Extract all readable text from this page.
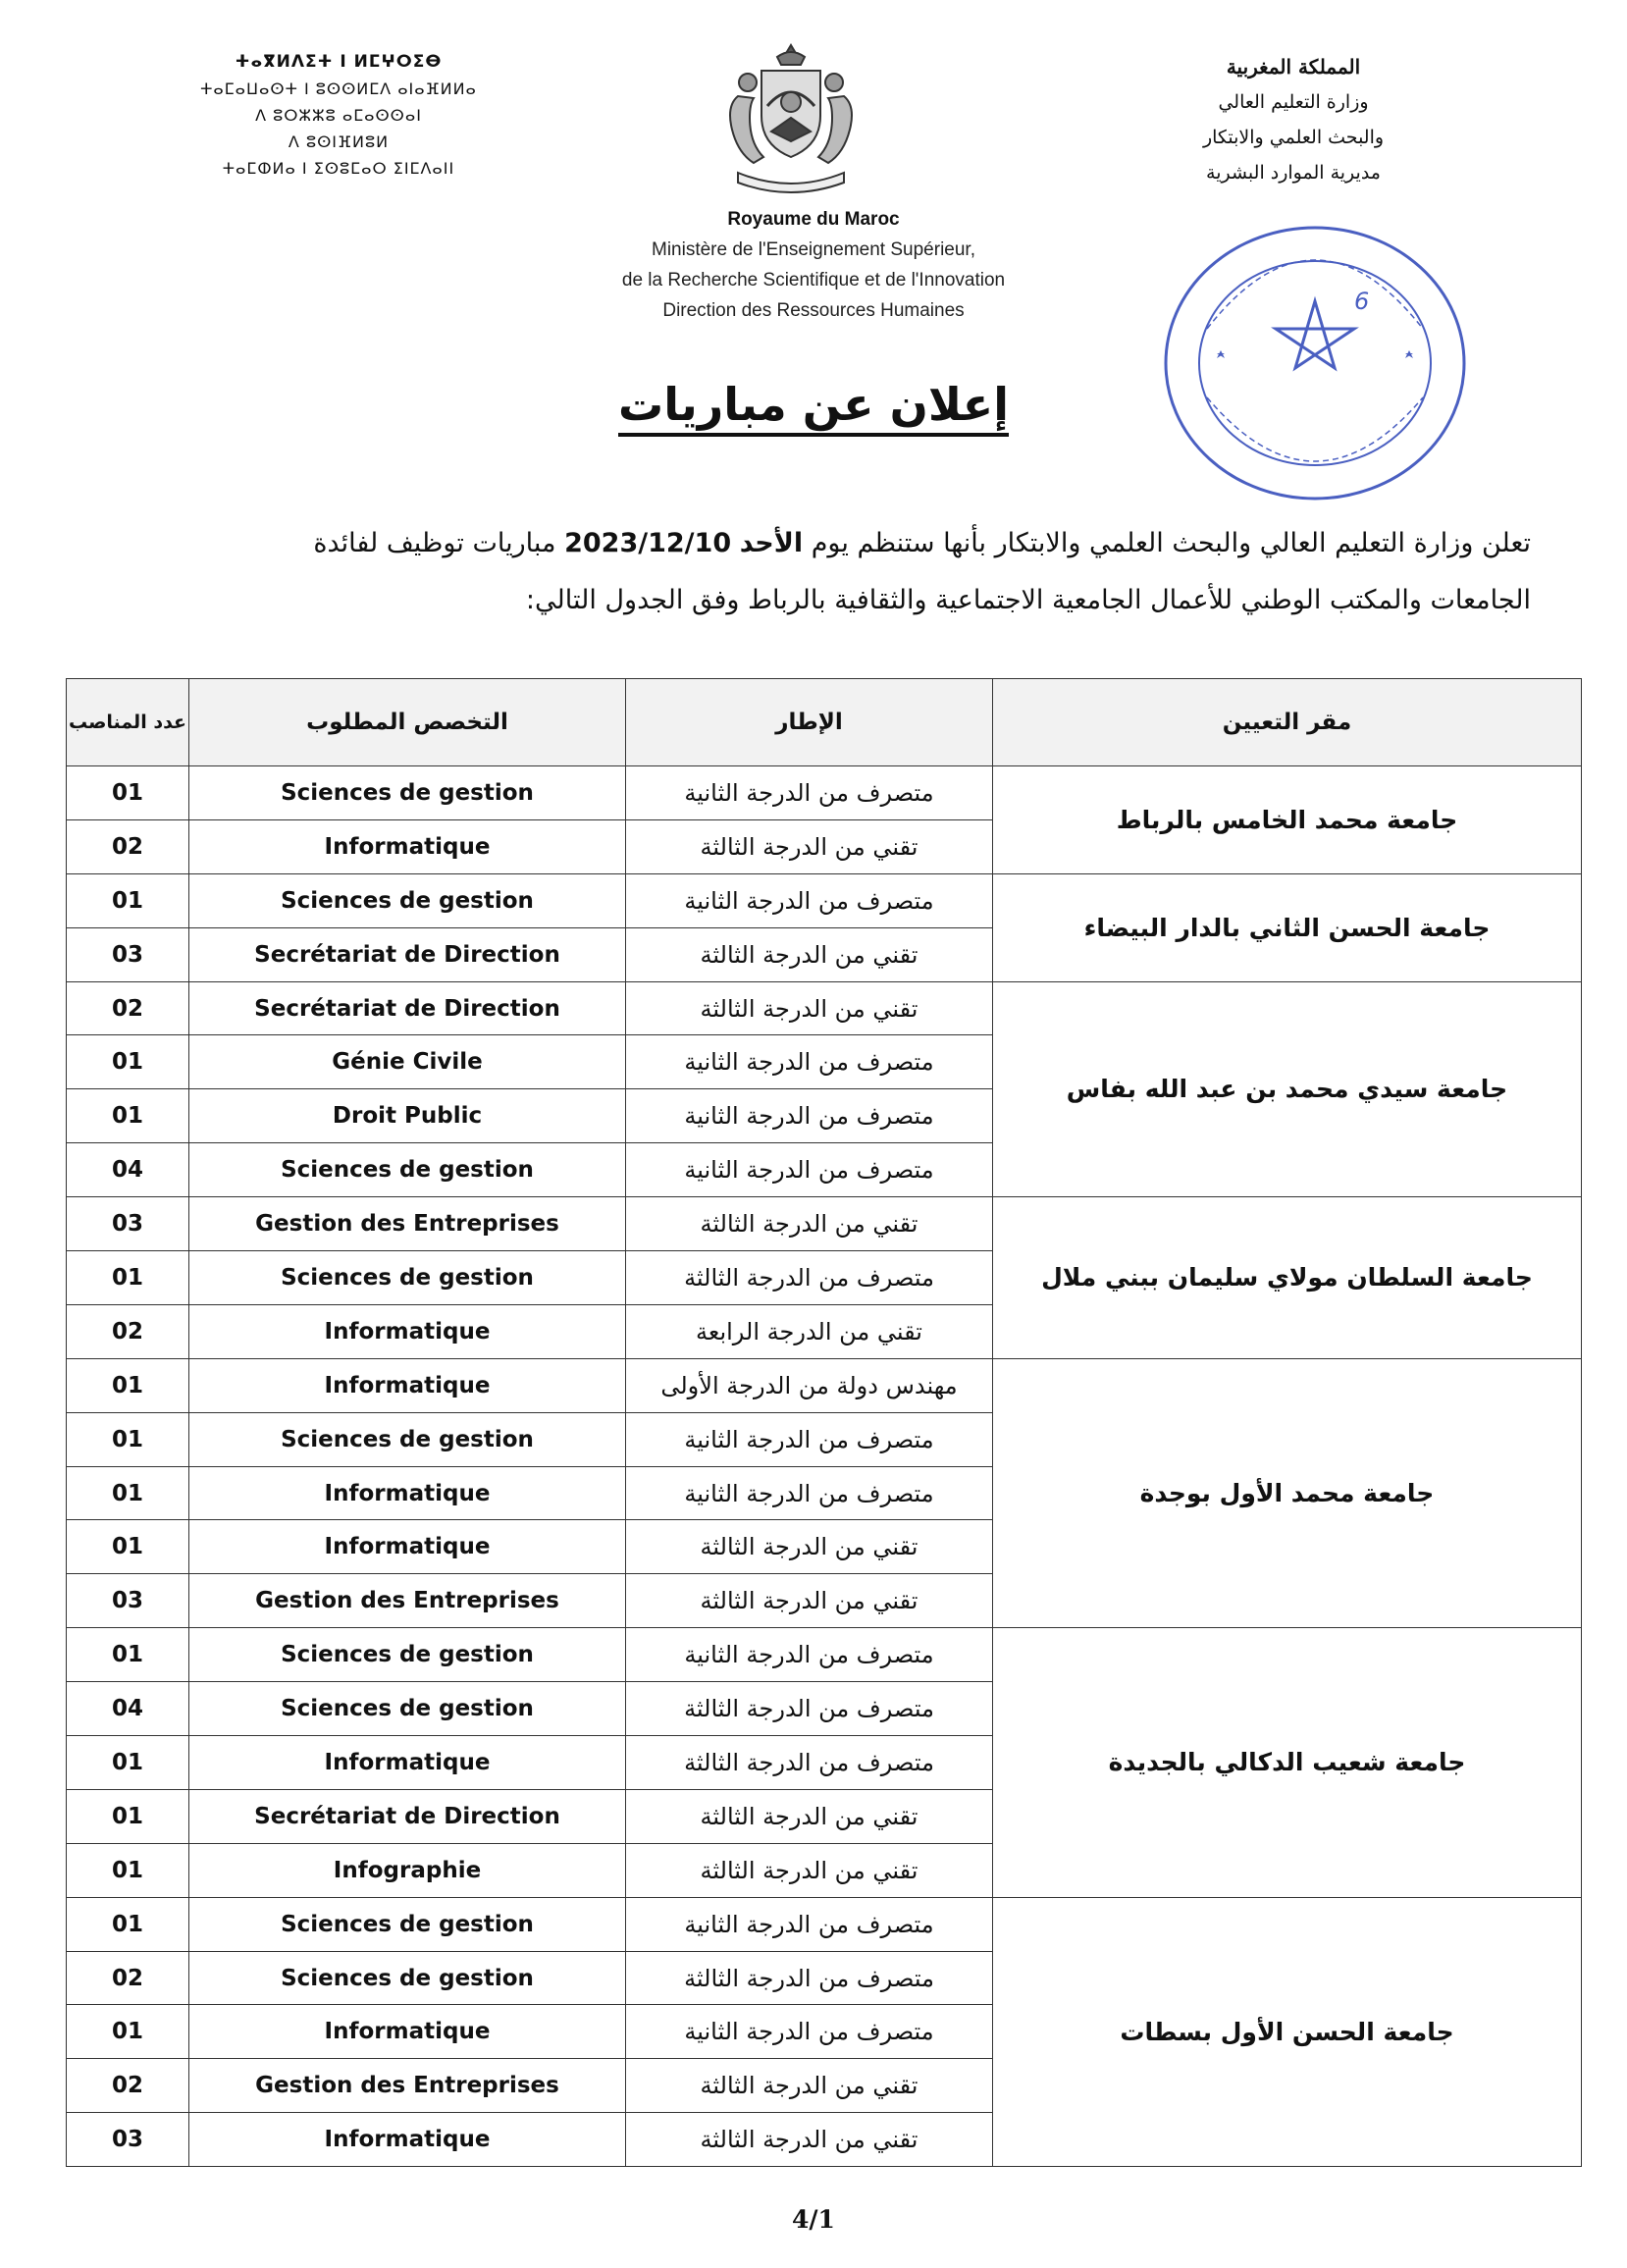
ⵜⴰⴳⵍⴷⵉⵜ ⵏ ⵍⵎⵖⵔⵉⴱ
ⵜⴰⵎⴰⵡⴰⵙⵜ ⵏ ⵓⵙⵙⵍⵎⴷ ⴰⵏⴰⴼⵍⵍⴰ
ⴷ ⵓⵔⵣⵣⵓ ⴰⵎⴰⵙⵙⴰⵏ
ⴷ ⵓⵙⵏⴼⵍⵓⵍ
ⵜⴰⵎⵀⵍⴰ ⵏ ⵉⵙⵓⵎⴰⵔ ⵉⵏⵎⴷⴰⵏⵏ
المملكة المغربية
وزارة التعليم العالي
والبحث العلمي والابتكار
مديرية الموارد البشرية
Royaume du Maroc
Ministère de l'Enseignement Supérieur,
de la Recherche Scientifique et de l'Innovation
Direction des Ressources Humaines	6
إعلان عن مباريات
تعلن وزارة التعليم العالي والبحث العلمي والابتكار بأنها ستنظم يوم الأحد 2023/12/10 مباريات توظيف لفائدة
الجامعات والمكتب الوطني للأعمال الجامعية الاجتماعية والثقافية بالرباط وفق الجدول التالي:
عدد المناصب	التخصص المطلوب	الإطار	مقر التعيين
01	Sciences de gestion	متصرف من الدرجة الثانية	جامعة محمد الخامس بالرباط
02	Informatique	تقني من الدرجة الثالثة	
01	Sciences de gestion	متصرف من الدرجة الثانية	جامعة الحسن الثاني بالدار البيضاء
03	Secrétariat de Direction	تقني من الدرجة الثالثة	
02	Secrétariat de Direction	تقني من الدرجة الثالثة	جامعة سيدي محمد بن عبد الله بفاس
01	Génie Civile	متصرف من الدرجة الثانية	
01	Droit Public	متصرف من الدرجة الثانية	
04	Sciences de gestion	متصرف من الدرجة الثانية	
03	Gestion des Entreprises	تقني من الدرجة الثالثة	جامعة السلطان مولاي سليمان ببني ملال
01	Sciences de gestion	متصرف من الدرجة الثالثة	
02	Informatique	تقني من الدرجة الرابعة	
01	Informatique	مهندس دولة من الدرجة الأولى	جامعة محمد الأول بوجدة
01	Sciences de gestion	متصرف من الدرجة الثانية	
01	Informatique	متصرف من الدرجة الثانية	
01	Informatique	تقني من الدرجة الثالثة	
03	Gestion des Entreprises	تقني من الدرجة الثالثة	
01	Sciences de gestion	متصرف من الدرجة الثانية	جامعة شعيب الدكالي بالجديدة
04	Sciences de gestion	متصرف من الدرجة الثالثة	
01	Informatique	متصرف من الدرجة الثالثة	
01	Secrétariat de Direction	تقني من الدرجة الثالثة	
01	Infographie	تقني من الدرجة الثالثة	
01	Sciences de gestion	متصرف من الدرجة الثانية	جامعة الحسن الأول بسطات
02	Sciences de gestion	متصرف من الدرجة الثالثة	
01	Informatique	متصرف من الدرجة الثانية	
02	Gestion des Entreprises	تقني من الدرجة الثالثة	
03	Informatique	تقني من الدرجة الثالثة	
4/1
